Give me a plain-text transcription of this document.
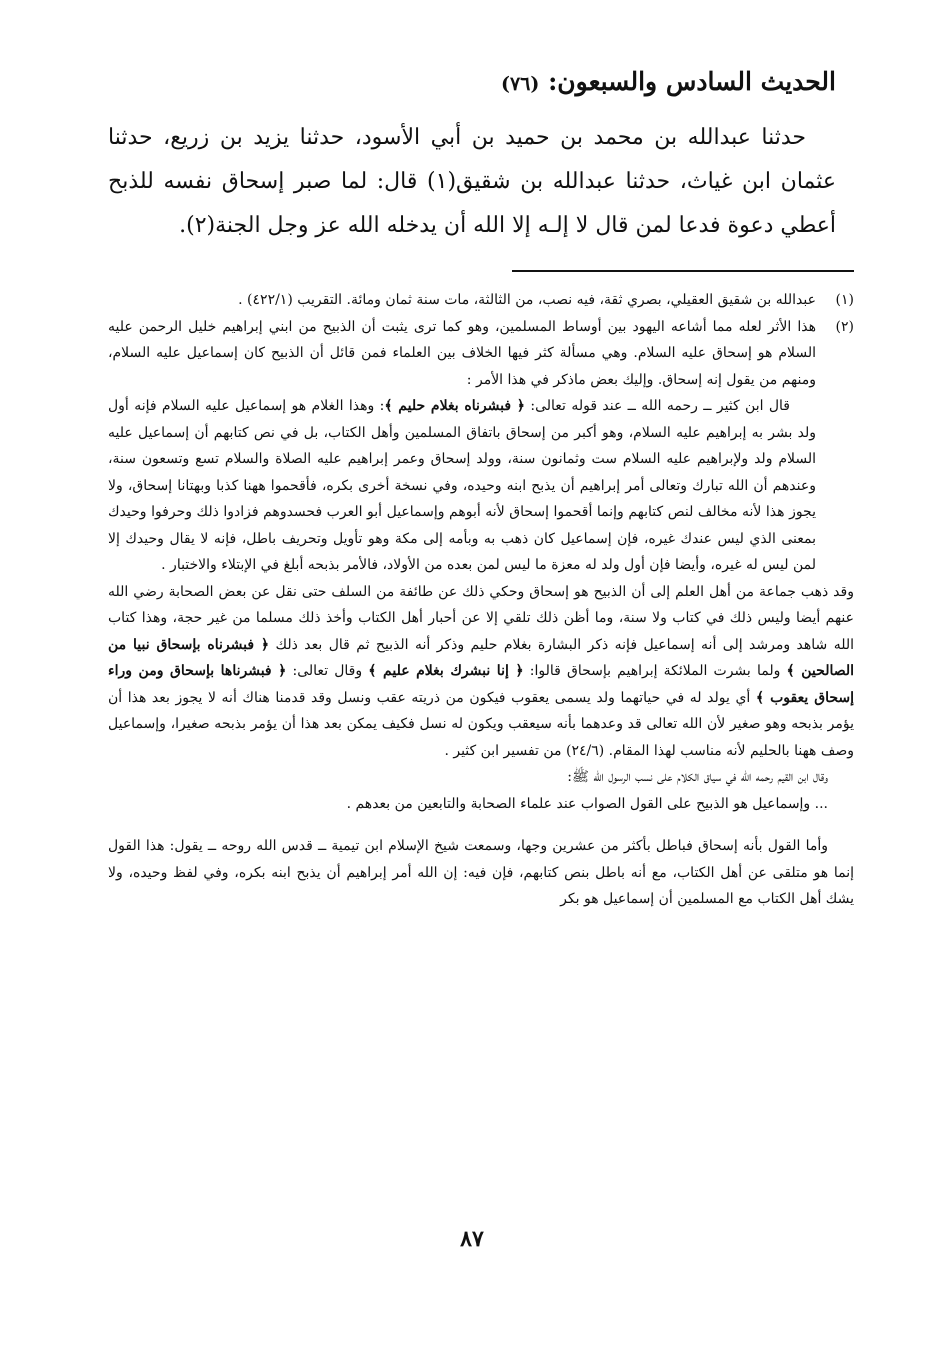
الحديث السادس والسبعون: (٧٦)
حدثنا عبدالله بن محمد بن حميد بن أبي الأسود، حدثنا يزيد بن زريع، حدثنا عثمان ابن غياث، حدثنا عبدالله بن شقيق(١) قال: لما صبر إسحاق نفسه للذبح أعطي دعوة فدعا لمن قال لا إلـه إلا الله أن يدخله الله عز وجل الجنة(٢).
(١)
عبدالله بن شقيق العقيلي، بصري ثقة، فيه نصب، من الثالثة، مات سنة ثمان ومائة. التقريب (٤٢٢/١) .
(٢)

هذا الأثر لعله مما أشاعه اليهود بين أوساط المسلمين، وهو كما ترى يثبت أن الذبيح من ابني إبراهيم خليل الرحمن عليه السلام هو إسحاق عليه السلام. وهي مسألة كثر فيها الخلاف بين العلماء فمن قائل أن الذبيح كان إسماعيل عليه السلام، ومنهم من يقول إنه إسحاق. وإليك بعض ماذكر في هذا الأمر :

قال ابن كثير ــ رحمه الله ــ عند قوله تعالى: ﴿ فبشرناه بغلام حليم ﴾: وهذا الغلام هو إسماعيل عليه السلام فإنه أول ولد بشر به إبراهيم عليه السلام، وهو أكبر من إسحاق باتفاق المسلمين وأهل الكتاب، بل في نص كتابهم أن إسماعيل عليه السلام ولد ولإبراهيم عليه السلام ست وثمانون سنة، وولد إسحاق وعمر إبراهيم عليه الصلاة والسلام تسع وتسعون سنة، وعندهم أن الله تبارك وتعالى أمر إبراهيم أن يذبح ابنه وحيده، وفي نسخة أخرى بكره، فأقحموا ههنا كذبا وبهتانا إسحاق، ولا يجوز هذا لأنه مخالف لنص كتابهم وإنما أقحموا إسحاق لأنه أبوهم وإسماعيل أبو العرب فحسدوهم فزادوا ذلك وحرفوا وحيدك بمعنى الذي ليس عندك غيره، فإن إسماعيل كان ذهب به وبأمه إلى مكة وهو تأويل وتحريف باطل، فإنه لا يقال وحيدك إلا لمن ليس له غيره، وأيضا فإن أول ولد له معزة ما ليس لمن بعده من الأولاد، فالأمر بذبحه أبلغ في الإبتلاء والاختبار .

وقد ذهب جماعة من أهل العلم إلى أن الذبيح هو إسحاق وحكي ذلك عن طائفة من السلف حتى نقل عن بعض الصحابة رضي الله عنهم أيضا وليس ذلك في كتاب ولا سنة، وما أظن ذلك تلقي إلا عن أحبار أهل الكتاب وأخذ ذلك مسلما من غير حجة، وهذا كتاب الله شاهد ومرشد إلى أنه إسماعيل فإنه ذكر البشارة بغلام حليم وذكر أنه الذبيح ثم قال بعد ذلك ﴿ فبشرناه بإسحاق نبيا من الصالحين ﴾ ولما بشرت الملائكة إبراهيم بإسحاق قالوا: ﴿ إنا نبشرك بغلام عليم ﴾ وقال تعالى: ﴿ فبشرناها بإسحاق ومن وراء إسحاق يعقوب ﴾ أي يولد له في حياتهما ولد يسمى يعقوب فيكون من ذريته عقب ونسل وقد قدمنا هناك أنه لا يجوز بعد هذا أن يؤمر بذبحه وهو صغير لأن الله تعالى قد وعدهما بأنه سيعقب ويكون له نسل فكيف يمكن بعد هذا أن يؤمر بذبحه صغيرا، وإسماعيل وصف ههنا بالحليم لأنه مناسب لهذا المقام. (٢٤/٦) من تفسير ابن كثير .

وقال ابن القيم رحمه الله في سياق الكلام على نسب الرسول الله ﷺ:

... وإسماعيل هو الذبيح على القول الصواب عند علماء الصحابة والتابعين من بعدهم .

وأما القول بأنه إسحاق فباطل بأكثر من عشرين وجها، وسمعت شيخ الإسلام ابن تيمية ــ قدس الله روحه ــ يقول: هذا القول إنما هو متلقى عن أهل الكتاب، مع أنه باطل بنص كتابهم، فإن فيه: إن الله أمر إبراهيم أن يذبح ابنه بكره، وفي لفظ وحيده، ولا يشك أهل الكتاب مع المسلمين أن إسماعيل هو بكر

٨٧
